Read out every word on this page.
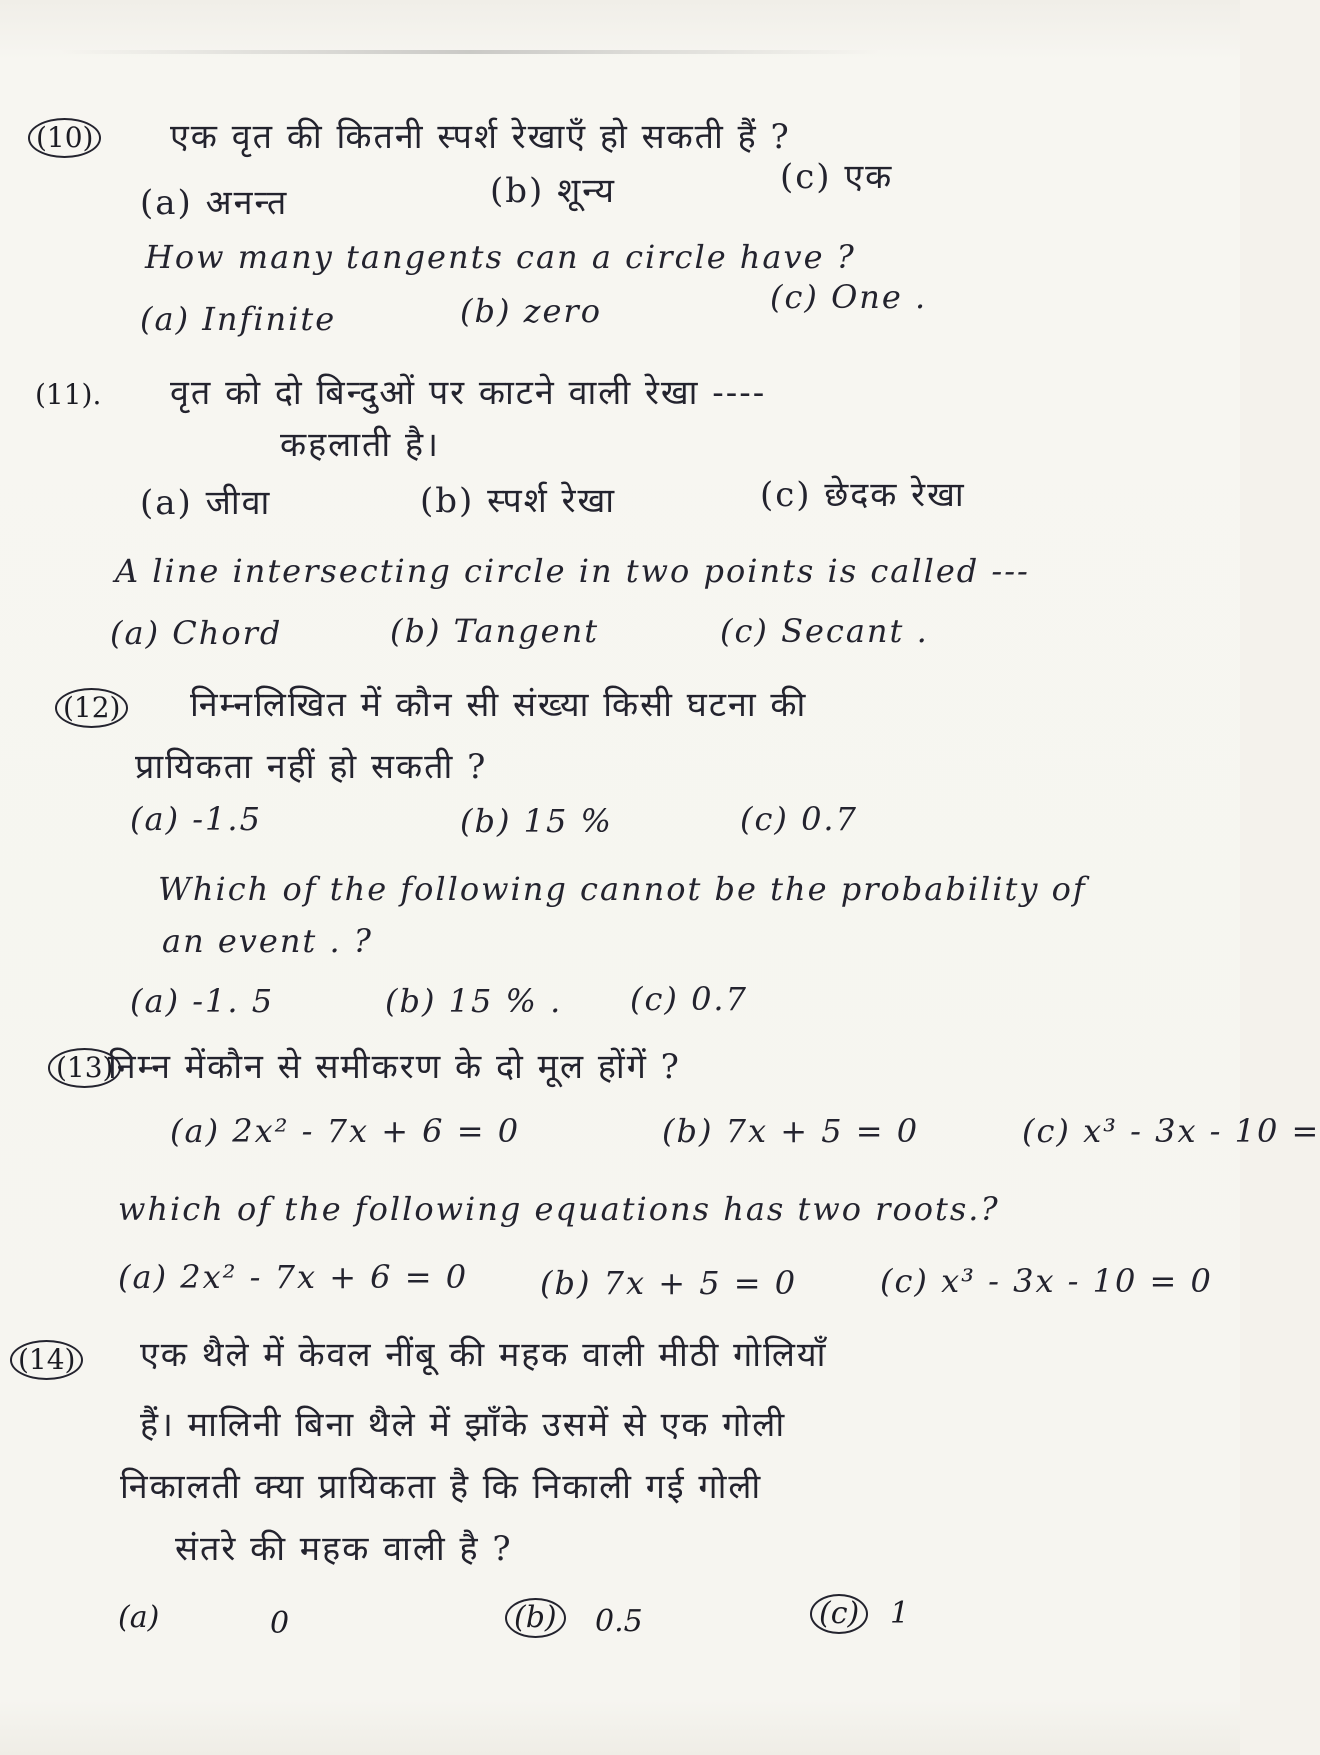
(10) एक वृत की कितनी स्पर्श रेखाएँ हो सकती हैं ?
(a) अनन्त	(b) शून्य	(c) एक
How many tangents can a circle have ?
(a) Infinite	(b) zero	(c) One .
(11). वृत को दो बिन्दुओं पर काटने वाली रेखा ----
कहलाती है।
(a) जीवा	(b) स्पर्श रेखा	(c) छेदक रेखा
A line intersecting circle in two points is called ---
(a) Chord	(b) Tangent	(c) Secant .
(12) निम्नलिखित में कौन सी संख्या किसी घटना की
प्रायिकता नहीं हो सकती ?
(a) -1.5	(b) 15 %	(c) 0.7
Which of the following cannot be the probability of
an event . ?
(a) -1. 5	(b) 15 % . (c) 0.7
(13)
निम्न मेंकौन से समीकरण के दो मूल होंगें ?
(a) 2x² - 7x + 6 = 0	(b) 7x + 5 = 0	(c) x³ - 3x - 10 =
which of the following equations has two roots.?
(a) 2x² - 7x + 6 = 0 (b) 7x + 5 = 0	(c) x³ - 3x - 10 = 0
(14) एक थैले में केवल नींबू की महक वाली मीठी गोलियाँ
हैं। मालिनी बिना थैले में झाँके उसमें से एक गोली
निकालती क्या प्रायिकता है कि निकाली गई गोली
संतरे की महक वाली है ?
(a)	0	(b)	0.5	(c)	1
